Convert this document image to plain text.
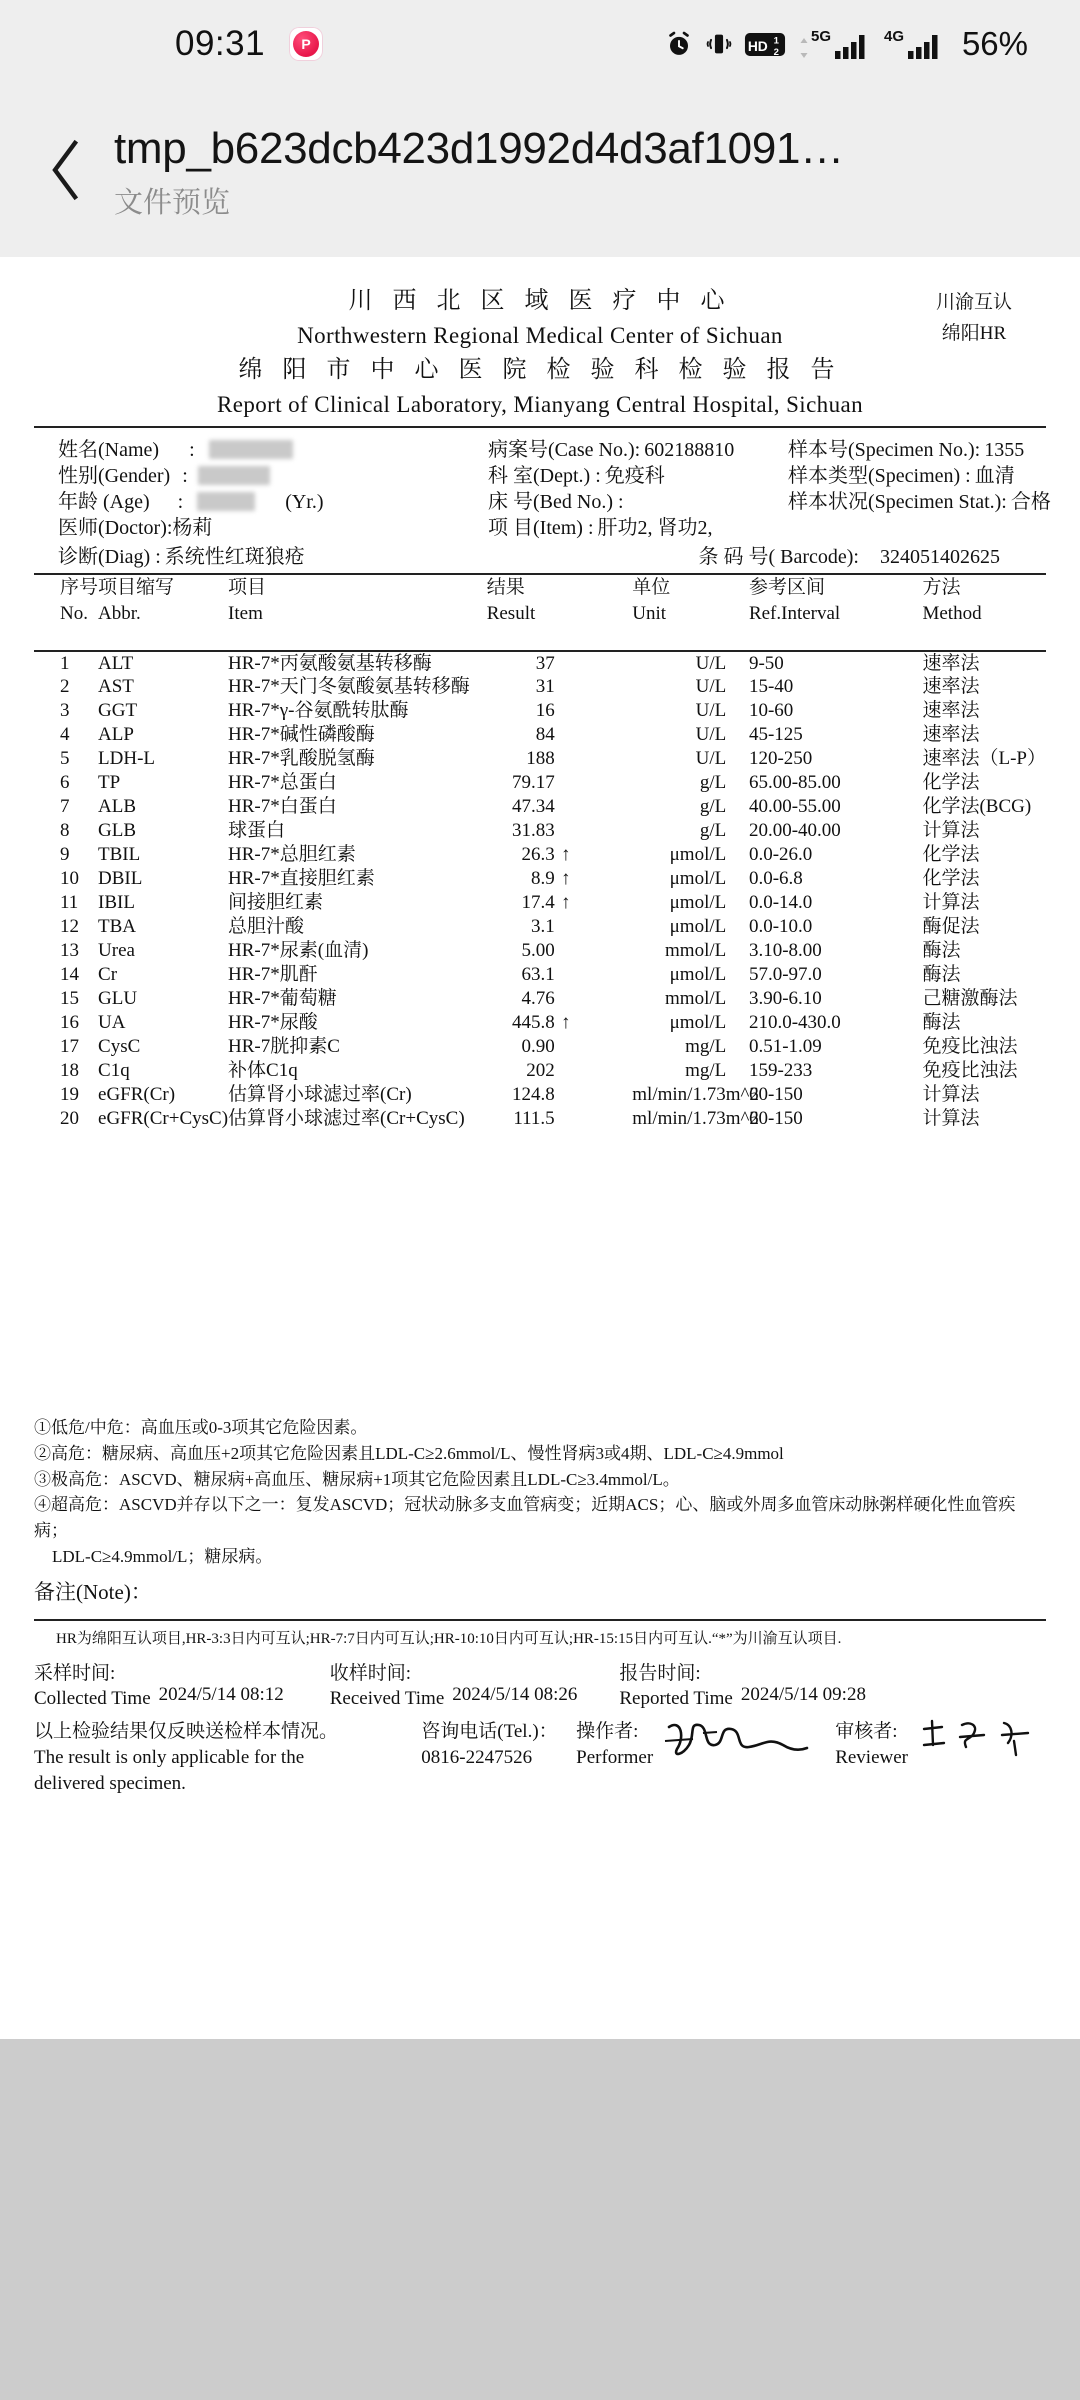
09:31	P	HD 1
2
5G	4G 56%
tmp_b623dcb423d1992d4d3af1091…
文件预览
川 西 北 区 域 医 疗 中 心
Northwestern Regional Medical Center of Sichuan
绵 阳 市 中 心 医 院 检 验 科 检 验 报 告
Report of Clinical Laboratory, Mianyang Central Hospital, Sichuan
川渝互认
绵阳HR
姓名(Name)	:	病案号(Case No.): 602188810	样本号(Specimen No.): 1355
性别(Gender) :	科 室(Dept.) : 免疫科	样本类型(Specimen) : 血清
年龄 (Age)	:	(Yr.)	床 号(Bed No.) :	样本状况(Specimen Stat.): 合格
医师(Doctor): 杨莉	项 目(Item) : 肝功2, 肾功2,
诊断(Diag) : 系统性红斑狼疮	条 码 号( Barcode): 324051402625
序号	项目缩写	项目	结果	单位	参考区间	方法
No.	Abbr.	Item	Result	Unit	Ref.Interval	Method

1	ALT	HR-7*丙氨酸氨基转移酶	37	U/L	9-50	速率法
2	AST	HR-7*天门冬氨酸氨基转移酶	31	U/L	15-40	速率法
3	GGT	HR-7*γ-谷氨酰转肽酶	16	U/L	10-60	速率法
4	ALP	HR-7*碱性磷酸酶	84	U/L	45-125	速率法
5	LDH-L	HR-7*乳酸脱氢酶	188	U/L	120-250	速率法（L-P）
6	TP	HR-7*总蛋白	79.17	g/L	65.00-85.00	化学法
7	ALB	HR-7*白蛋白	47.34	g/L	40.00-55.00	化学法(BCG)
8	GLB	球蛋白	31.83	g/L	20.00-40.00	计算法
9	TBIL	HR-7*总胆红素	26.3 ↑	μmol/L	0.0-26.0	化学法
10	DBIL	HR-7*直接胆红素	8.9 ↑	μmol/L	0.0-6.8	化学法
11	IBIL	间接胆红素	17.4 ↑	μmol/L	0.0-14.0	计算法
12	TBA	总胆汁酸	3.1	μmol/L	0.0-10.0	酶促法
13	Urea	HR-7*尿素(血清)	5.00	mmol/L	3.10-8.00	酶法
14	Cr	HR-7*肌酐	63.1	μmol/L	57.0-97.0	酶法
15	GLU	HR-7*葡萄糖	4.76	mmol/L	3.90-6.10	己糖激酶法
16	UA	HR-7*尿酸	445.8 ↑	μmol/L	210.0-430.0	酶法
17	CysC	HR-7胱抑素C	0.90	mg/L	0.51-1.09	免疫比浊法
18	C1q	补体C1q	202	mg/L	159-233	免疫比浊法
19	eGFR(Cr)	估算肾小球滤过率(Cr)	124.8	ml/min/1.73m^2	60-150	计算法
20	eGFR(Cr+CysC)	估算肾小球滤过率(Cr+CysC)	111.5	ml/min/1.73m^2	60-150	计算法
①低危/中危：高血压或0-3项其它危险因素。
②高危：糖尿病、高血压+2项其它危险因素且LDL-C≥2.6mmol/L、慢性肾病3或4期、LDL-C≥4.9mmol
③极高危：ASCVD、糖尿病+高血压、糖尿病+1项其它危险因素且LDL-C≥3.4mmol/L。
④超高危：ASCVD并存以下之一：复发ASCVD；冠状动脉多支血管病变；近期ACS；心、脑或外周多血管床动脉粥样硬化性血管疾病；
LDL-C≥4.9mmol/L；糖尿病。
备注(Note)：
HR为绵阳互认项目,HR-3:3日内可互认;HR-7:7日内可互认;HR-10:10日内可互认;HR-15:15日内可互认.“*”为川渝互认项目.
采样时间:
Collected Time 2024/5/14 08:12
收样时间:
Received Time 2024/5/14 08:26
报告时间:
Reported Time 2024/5/14 09:28
以上检验结果仅反映送检样本情况。
The result is only applicable for the
delivered specimen.
咨询电话(Tel.)：
0816-2247526
操作者:
Performer
审核者:
Reviewer
